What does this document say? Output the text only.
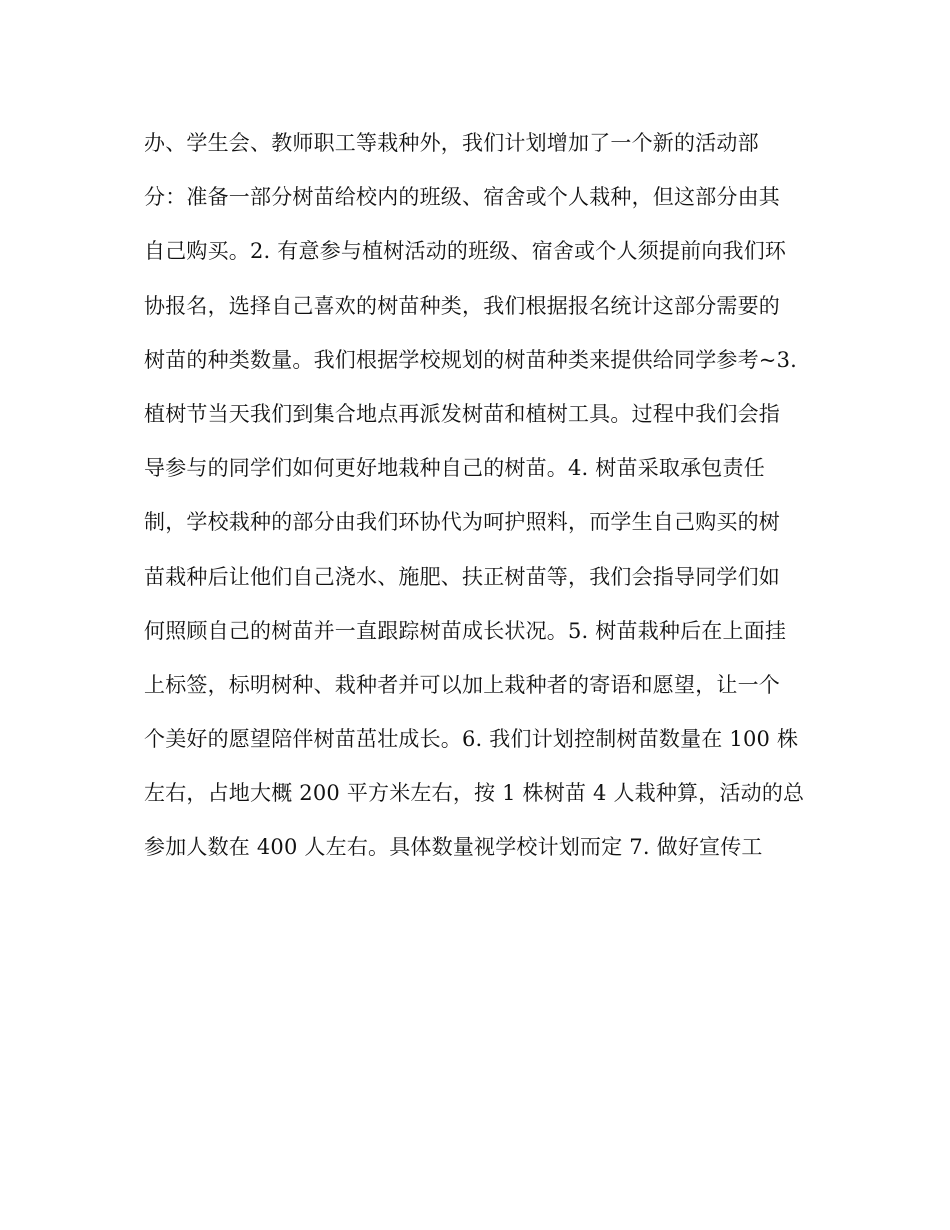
办、学生会、教师职工等栽种外，我们计划增加了一个新的活动部
分：准备一部分树苗给校内的班级、宿舍或个人栽种，但这部分由其
自己购买。2. 有意参与植树活动的班级、宿舍或个人须提前向我们环
协报名，选择自己喜欢的树苗种类，我们根据报名统计这部分需要的
树苗的种类数量。我们根据学校规划的树苗种类来提供给同学参考~3.
植树节当天我们到集合地点再派发树苗和植树工具。过程中我们会指
导参与的同学们如何更好地栽种自己的树苗。4. 树苗采取承包责任
制，学校栽种的部分由我们环协代为呵护照料，而学生自己购买的树
苗栽种后让他们自己浇水、施肥、扶正树苗等，我们会指导同学们如
何照顾自己的树苗并一直跟踪树苗成长状况。5. 树苗栽种后在上面挂
上标签，标明树种、栽种者并可以加上栽种者的寄语和愿望，让一个
个美好的愿望陪伴树苗茁壮成长。6. 我们计划控制树苗数量在 100 株
左右，占地大概 200 平方米左右，按 1 株树苗 4 人栽种算，活动的总
参加人数在 400 人左右。具体数量视学校计划而定 7. 做好宣传工
